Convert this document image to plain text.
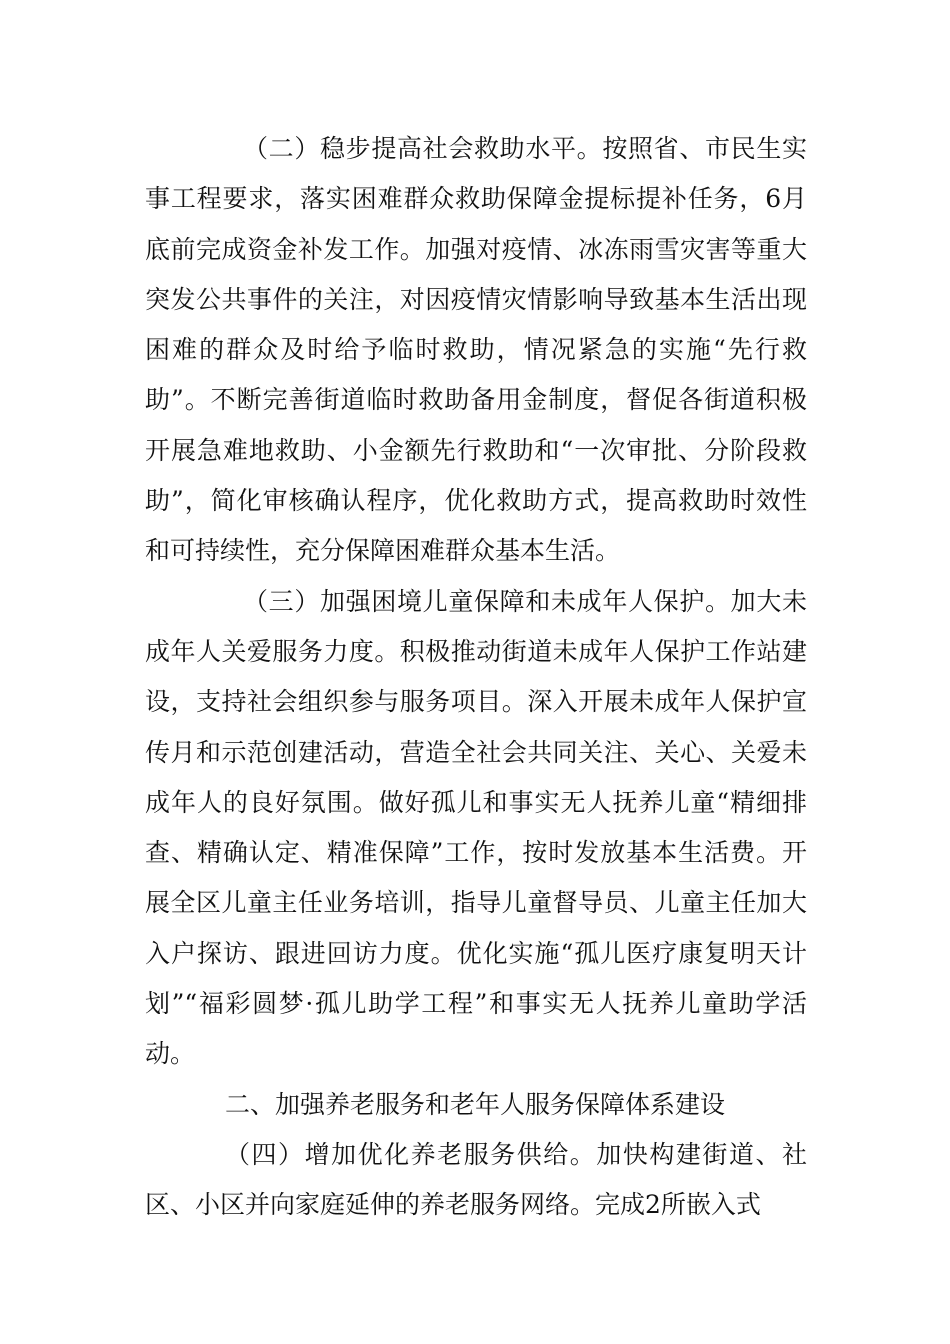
（二）稳步提高社会救助水平。按照省、市民生实事工程要求，落实困难群众救助保障金提标提补任务，6月底前完成资金补发工作。加强对疫情、冰冻雨雪灾害等重大突发公共事件的关注，对因疫情灾情影响导致基本生活出现困难的群众及时给予临时救助，情况紧急的实施“先行救助”。不断完善街道临时救助备用金制度，督促各街道积极开展急难地救助、小金额先行救助和“一次审批、分阶段救助”，简化审核确认程序，优化救助方式，提高救助时效性和可持续性，充分保障困难群众基本生活。

（三）加强困境儿童保障和未成年人保护。加大未成年人关爱服务力度。积极推动街道未成年人保护工作站建设，支持社会组织参与服务项目。深入开展未成年人保护宣传月和示范创建活动，营造全社会共同关注、关心、关爱未成年人的良好氛围。做好孤儿和事实无人抚养儿童“精细排查、精确认定、精准保障”工作，按时发放基本生活费。开展全区儿童主任业务培训，指导儿童督导员、儿童主任加大入户探访、跟进回访力度。优化实施“孤儿医疗康复明天计划”“福彩圆梦·孤儿助学工程”和事实无人抚养儿童助学活动。

二、加强养老服务和老年人服务保障体系建设

（四）增加优化养老服务供给。加快构建街道、社区、小区并向家庭延伸的养老服务网络。完成2所嵌入式
